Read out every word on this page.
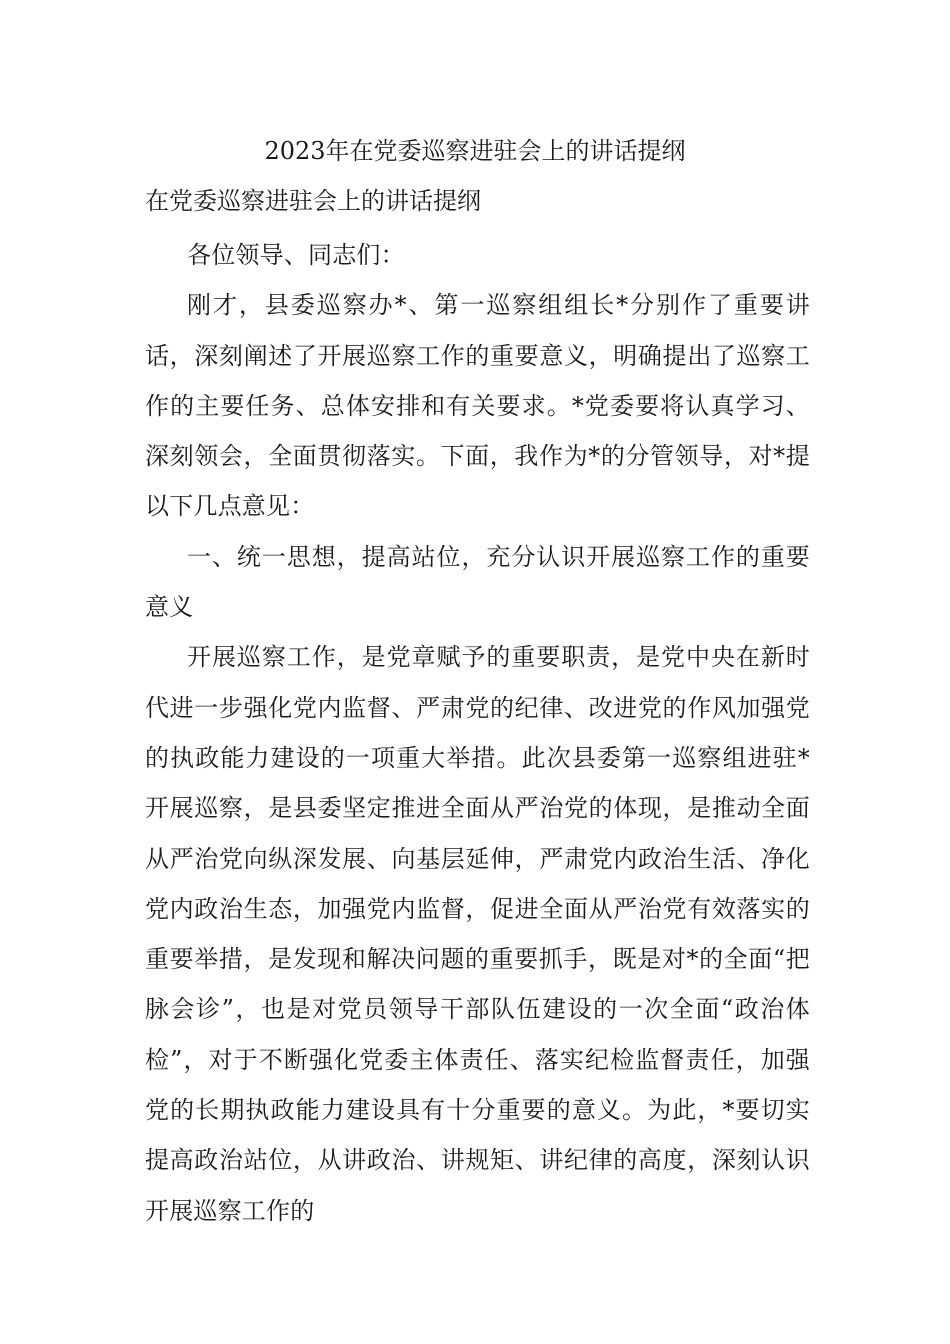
2023年在党委巡察进驻会上的讲话提纲
在党委巡察进驻会上的讲话提纲

各位领导、同志们：

刚才，县委巡察办*、第一巡察组组长*分别作了重要讲话，深刻阐述了开展巡察工作的重要意义，明确提出了巡察工作的主要任务、总体安排和有关要求。*党委要将认真学习、深刻领会，全面贯彻落实。下面，我作为*的分管领导，对*提以下几点意见：

一、统一思想，提高站位，充分认识开展巡察工作的重要意义

开展巡察工作，是党章赋予的重要职责，是党中央在新时代进一步强化党内监督、严肃党的纪律、改进党的作风加强党的执政能力建设的一项重大举措。此次县委第一巡察组进驻*开展巡察，是县委坚定推进全面从严治党的体现，是推动全面从严治党向纵深发展、向基层延伸，严肃党内政治生活、净化党内政治生态，加强党内监督，促进全面从严治党有效落实的重要举措，是发现和解决问题的重要抓手，既是对*的全面“把脉会诊”，也是对党员领导干部队伍建设的一次全面“政治体检”，对于不断强化党委主体责任、落实纪检监督责任，加强党的长期执政能力建设具有十分重要的意义。为此，*要切实提高政治站位，从讲政治、讲规矩、讲纪律的高度，深刻认识开展巡察工作的
